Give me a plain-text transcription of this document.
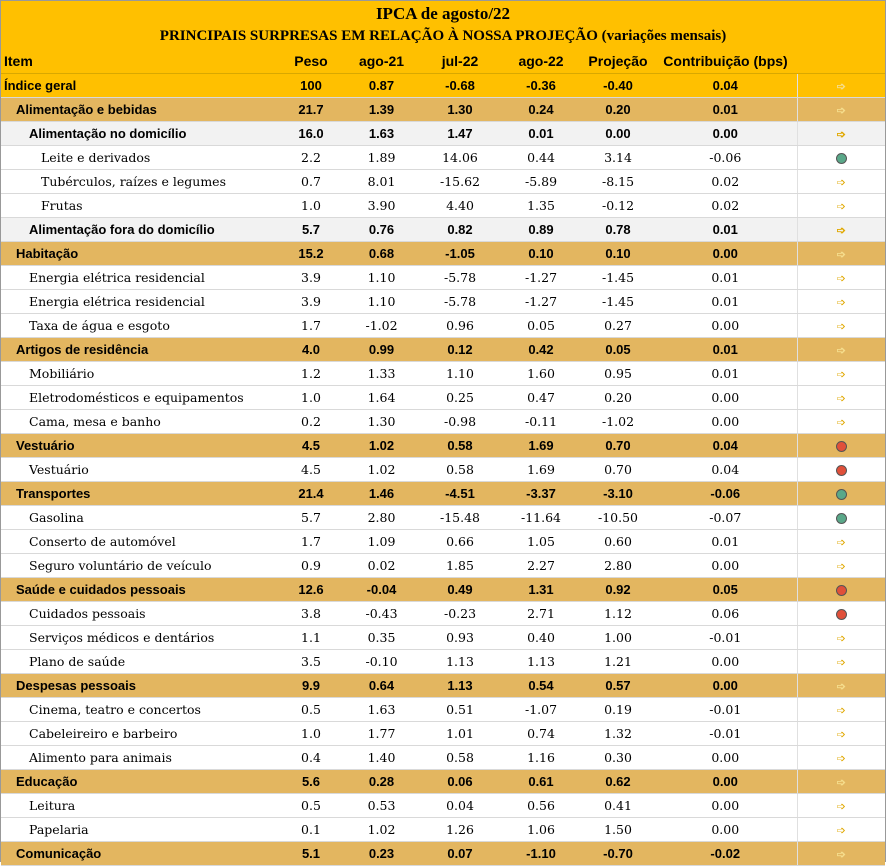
IPCA de agosto/22
PRINCIPAIS SURPRESAS EM RELAÇÃO À NOSSA PROJEÇÃO (variações mensais)
Item	Peso	ago-21	jul-22	ago-22	Projeção	Contribuição (bps)	
Índice geral	100	0.87	-0.68	-0.36	-0.40	0.04	➩
Alimentação e bebidas	21.7	1.39	1.30	0.24	0.20	0.01	➩
Alimentação no domicílio	16.0	1.63	1.47	0.01	0.00	0.00	➩
Leite e derivados	2.2	1.89	14.06	0.44	3.14	-0.06	
Tubérculos, raízes e legumes	0.7	8.01	-15.62	-5.89	-8.15	0.02	➩
Frutas	1.0	3.90	4.40	1.35	-0.12	0.02	➩
Alimentação fora do domicílio	5.7	0.76	0.82	0.89	0.78	0.01	➩
Habitação	15.2	0.68	-1.05	0.10	0.10	0.00	➩
Energia elétrica residencial	3.9	1.10	-5.78	-1.27	-1.45	0.01	➩
Energia elétrica residencial	3.9	1.10	-5.78	-1.27	-1.45	0.01	➩
Taxa de água e esgoto	1.7	-1.02	0.96	0.05	0.27	0.00	➩
Artigos de residência	4.0	0.99	0.12	0.42	0.05	0.01	➩
Mobiliário	1.2	1.33	1.10	1.60	0.95	0.01	➩
Eletrodomésticos e equipamentos	1.0	1.64	0.25	0.47	0.20	0.00	➩
Cama, mesa e banho	0.2	1.30	-0.98	-0.11	-1.02	0.00	➩
Vestuário	4.5	1.02	0.58	1.69	0.70	0.04	
Vestuário	4.5	1.02	0.58	1.69	0.70	0.04	
Transportes	21.4	1.46	-4.51	-3.37	-3.10	-0.06	
Gasolina	5.7	2.80	-15.48	-11.64	-10.50	-0.07	
Conserto de automóvel	1.7	1.09	0.66	1.05	0.60	0.01	➩
Seguro voluntário de veículo	0.9	0.02	1.85	2.27	2.80	0.00	➩
Saúde e cuidados pessoais	12.6	-0.04	0.49	1.31	0.92	0.05	
Cuidados pessoais	3.8	-0.43	-0.23	2.71	1.12	0.06	
Serviços médicos e dentários	1.1	0.35	0.93	0.40	1.00	-0.01	➩
Plano de saúde	3.5	-0.10	1.13	1.13	1.21	0.00	➩
Despesas pessoais	9.9	0.64	1.13	0.54	0.57	0.00	➩
Cinema, teatro e concertos	0.5	1.63	0.51	-1.07	0.19	-0.01	➩
Cabeleireiro e barbeiro	1.0	1.77	1.01	0.74	1.32	-0.01	➩
Alimento para animais	0.4	1.40	0.58	1.16	0.30	0.00	➩
Educação	5.6	0.28	0.06	0.61	0.62	0.00	➩
Leitura	0.5	0.53	0.04	0.56	0.41	0.00	➩
Papelaria	0.1	1.02	1.26	1.06	1.50	0.00	➩
Comunicação	5.1	0.23	0.07	-1.10	-0.70	-0.02	➩
